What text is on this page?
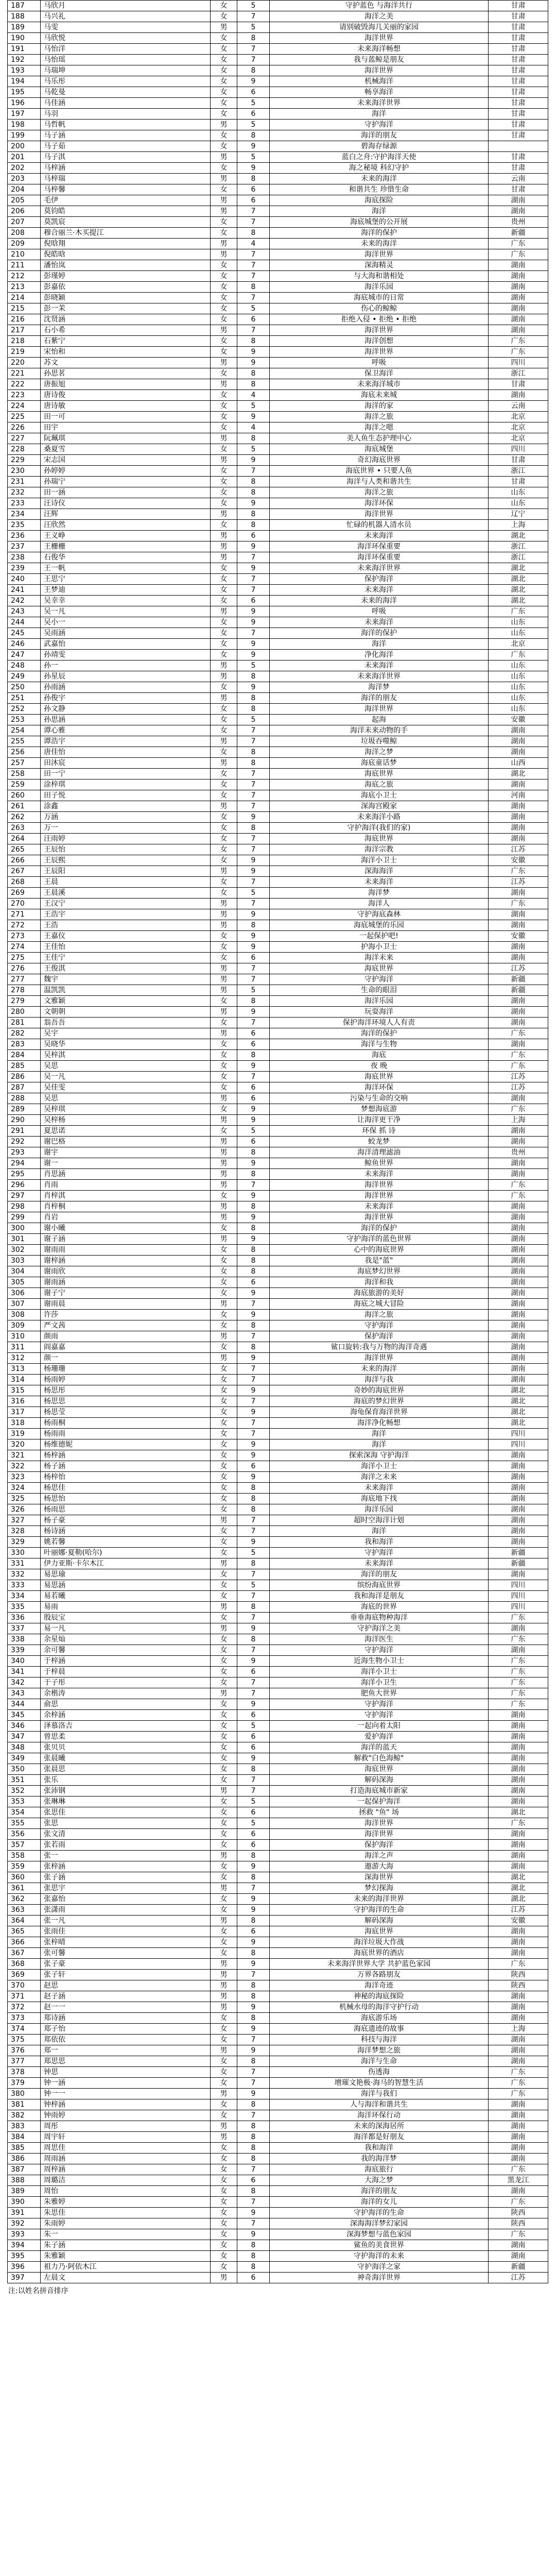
187	马欣月	女	5	守护蓝色 与海洋共行	甘肃
188	马兴礼	女	7	海洋之美	甘肃
189	马雯	男	5	请别破毁海几关丽的家园	甘肃
190	马欣悦	女	8	海洋世界	甘肃
191	马怡洋	女	7	未来海洋畅想	甘肃
192	马怡瑶	女	7	我与蓝鲸是朋友	甘肃
193	马瑞坤	女	8	海洋世界	甘肃
194	马乐彤	女	9	机械海洋	甘肃
195	马乾曼	女	6	畅享海洋	甘肃
196	马佳涵	女	5	未来海洋世界	甘肃
197	马羽	女	6	海洋	甘肃
198	马哲帆	男	5	守护海洋	甘肃
199	马子涵	女	8	海洋的朋友	甘肃
200	马子茹	女	9	碧海存绿源	
201	马子淇	男	5	蓝白之舟:守护海洋天使	甘肃
202	马梓涵	女	9	海之秘境 科幻守护	甘肃
203	马梓瑞	男	8	未来的海洋	云南
204	马梓馨	女	6	和谐共生 珍惜生命	甘肃
205	毛伊	男	6	海底探险	湖南
206	莫钧皓	男	7	海洋	湖南
207	莫凯宸	女	7	海底城堡的公开展	贵州
208	穆合丽兰·木买提江	女	8	海洋的保护	新疆
209	倪晗翔	男	4	未来的海洋	广东
210	倪皓晗	男	7	海洋世界	广东
211	潘怡岚	女	7	深海精灵	湖南
212	彭瑾婷	女	7	与大海和谐相处	湖南
213	彭嘉依	女	8	海洋乐园	湖南
214	彭晓颖	女	7	海底城市的日常	湖南
215	彭一茉	女	5	伤心的鲸鲸	湖南
216	沈贤涵	女	6	拒绝入侵 • 拒绝 • 拒绝	湖南
217	石小希	男	7	海洋世界	湖南
218	石紫宁	女	8	海洋创想	广东
219	宋怡和	女	9	海洋世界	广东
220	苏文	男	9	呼吸	四川
221	孙思茗	女	8	保卫海洋	浙江
222	唐振旭	男	8	未来海洋城市	甘肃
223	唐诗俊	女	4	海底未来城	湖南
224	唐诗敏	女	5	海洋的家	云南
225	田一可	女	9	海洋之旅	北京
226	田宇	女	4	海洋之嗯	北京
227	阮珮琪	男	8	美人鱼生态护理中心	北京
228	桑夏雪	女	5	海底城堡	四川
229	宋志国	男	9	奇幻海底世界	甘肃
230	孙婷婷	女	7	海底世界 • 只要人鱼	浙江
231	孙瑞宁	女	8	海洋与人类和谐共生	甘肃
232	田一涵	女	8	海洋之旅	山东
233	汪诗仪	女	9	海洋环保	山东
234	汪辉	男	8	海洋世界	辽宁
235	汪欣然	女	8	忙碌的机器人清水员	上海
236	王义峥	男	6	未来海洋	湖北
237	王栅栅	男	9	海洋环保重要	浙江
238	石俊华	男	7	海洋环保重要	浙江
239	王一帆	女	9	未来海洋世界	湖北
240	王思宁	女	7	保护海洋	湖北
241	王梦迪	女	7	未来海洋	湖北
242	吴幸幸	女	6	未来的海洋	湖北
243	吴一凡	男	9	呼吸	广东
244	吴小一	女	9	未来海洋	山东
245	吴雨涵	女	7	海洋的保护	山东
246	武嘉怡	女	9	海洋	北京
247	孙靖雯	女	9	净化海洋	广东
248	孙一	男	5	未来海洋	山东
249	孙星辰	男	8	未来海洋世界	山东
250	孙雨涵	女	9	海洋梦	山东
251	孙俊宇	男	8	海洋的朋友	山东
252	孙文静	女	8	海洋世界	山东
253	孙思涵	女	5	起海	安徽
254	谭心雅	女	7	海洋未来动物的手	湖南
255	谭浩宇	男	7	垃圾吞噬鲸	湖南
256	唐佳怡	女	8	海洋之梦	湖南
257	田沐宸	男	8	海底童话梦	山西
258	田一宁	女	7	海底世界	湖北
259	涂梓琪	女	7	海底之旅	湖南
260	田子悦	女	7	海底小卫士	河南
261	涂鑫	男	7	深海宫殿家	湖南
262	万涵	女	9	未来海洋小路	湖南
263	万一	女	8	守护海洋(我们的家)	湖南
264	汪雨婷	女	7	海底世界	湖南
265	王辰怡	女	7	海洋宗教	江苏
266	王辰熙	女	9	海洋小卫士	安徽
267	王辰阳	男	9	深海海洋	广东
268	王晨	女	7	未来海洋	江苏
269	王晨溪	女	5	海洋梦	湖南
270	王汉宁	男	7	海洋人	广东
271	王浩宇	男	9	守护海底森林	湖南
272	王浩	男	8	海底城堡的乐园	湖南
273	王嘉仪	女	9	一起保护吧!	安徽
274	王佳怡	女	9	护海小卫士	湖南
275	王佳宁	女	6	海洋未来	湖南
276	王俊淇	男	7	海底世界	江苏
277	魏宇	男	7	守护海洋	新疆
278	温凯凯	男	5	生命的眼泪	新疆
279	文雅颖	女	8	海洋乐园	湖南
280	文朝朝	男	9	玩耍海洋	湖南
281	翁吾吾	女	7	保护海洋环境人人有责	湖南
282	吴宇	男	6	海洋的保护	广东
283	吴晓华	女	6	海洋与生物	湖南
284	吴梓淇	女	8	海底	广东
285	吴思	女	9	夜 晚	广东
286	吴一凡	女	7	海底世界	江苏
287	吴佳雯	女	6	海洋环保	江苏
288	吴思	男	6	污染与生命的交响	湖南
289	吴梓琪	女	9	梦想海底游	广东
290	吴梓杨	男	9	让海洋更干净	上海
291	夏思诺	女	5	环保 抓 诗	湖南
292	谢巴格	男	6	蛟龙梦	湖南
293	谢宇	男	8	海洋清理滤油	贵州
294	谢一	男	9	鲸鱼世界	湖南
295	肖思涵	男	8	未来海洋	湖南
296	肖雨	男	7	海洋世界	广东
297	肖梓淇	女	9	海洋世界	广东
298	肖梓桐	男	8	未来海洋	湖南
299	肖岩	男	9	海洋世界	湖南
300	谢小曦	女	8	海洋的保护	湖南
301	谢子涵	男	9	守护海洋的蓝色世界	湖南
302	谢雨雨	女	8	心中的海底世界	湖南
303	谢梓涵	女	8	我是"蓝"	湖南
304	谢雨欣	女	8	海底梦幻世界	湖南
305	谢雨涵	女	6	海洋和我	湖南
306	谢子宁	女	9	海底旅游的美好	湖南
307	谢雨晨	男	7	海底之城大冒险	湖南
308	许莎	女	9	海洋之旅	湖南
309	严文茜	女	8	守护海洋	湖南
310	颜雨	男	7	保护海洋	湖南
311	阎嘉嘉	女	8	鲨口旋转:我与万物的海洋奇遇	湖南
312	颜一	男	9	海洋世界	湖南
313	杨珊珊	女	7	未来的海洋	湖南
314	杨雨婷	女	7	海洋与我	湖南
315	杨思彤	女	9	奇妙的海底世界	湖北
316	杨思思	女	7	海底的梦幻世界	湖北
317	杨思莹	女	9	海龟保育海洋世界	湖北
318	杨雨桐	女	7	海洋净化畅想	湖北
319	杨雨雨	女	7	海洋	四川
320	杨维德妮	女	9	海洋	四川
321	杨梓涵	女	9	探索深海 守护海洋	湖南
322	杨子涵	女	6	海洋小卫士	湖南
323	杨梓怡	女	9	海洋之未来	湖南
324	杨思佳	女	8	未来海洋	湖南
325	杨思怡	女	8	海底地下找	湖南
326	杨雨思	女	8	海洋乐园	湖南
327	杨子豪	男	7	超时空海洋计划	湖南
328	杨诗涵	女	7	海洋	湖南
329	姚若馨	女	9	我和海洋	湖南
330	叶丽娜·夏勒(哈尔)	女	5	守护海洋	新疆
331	伊力亚斯·卡尔木江	男	8	未来海洋	新疆
332	易思瑜	女	7	海洋的朋友	湖南
333	易思涵	女	5	缤纷海底世界	四川
334	易若曦	女	7	我和海洋是朋友	四川
335	易雨	男	8	海底的世界	四川
336	殷辰宝	女	7	垂垂海底物种海洋	广东
337	易一凡	男	9	守护海洋之美	湖南
338	余星灿	女	8	海洋医生	广东
339	余可馨	女	7	守护海洋	湖南
340	于梓涵	女	9	近海生物小卫士	广东
341	于梓晨	女	6	海洋小卫士	广东
342	于子彤	女	7	海洋小卫生	广东
343	余楷涛	男	7	肥鱼大世界	广东
344	俞思	女	9	守护海洋	广东
345	余梓涵	女	6	守护海洋	湖南
346	泽慕洛吉	女	5	一起向着太阳	湖南
347	曾思柔	女	6	爱护海洋	湖南
348	张贝贝	女	6	海洋的蓝天	湖南
349	张晨曦	女	9	解救"白色海鲸"	湖南
350	张晨思	女	8	海底世界	湖南
351	张乐	女	7	解码深海	湖南
352	张沛钢	男	7	打造海底城市新家	湖南
353	张琳琳	女	5	一起保护海洋	湖南
354	张思佳	女	6	拯救 "鱼" 场	湖北
355	张思	女	5	海洋世界	广东
356	张文清	女	6	海洋世界	湖南
357	张若雨	女	6	保护海洋	湖南
358	张一	男	8	海洋之声	湖南
359	张梓涵	女	9	遨游大海	湖南
360	张子涵	女	8	深海世界	湖北
361	张思宇	男	7	梦幻探海	湖北
362	张嘉怡	女	9	未来的海洋世界	湖北
363	张潇雨	女	9	守护海洋的生命	江苏
364	张一凡	男	8	解码深海	安徽
365	张雨佳	女	6	海底世界	湖南
366	张梓晴	女	9	海洋垃圾大作战	湖南
367	张可馨	女	8	海底世界的酒店	湖南
368	张子豪	男	9	未来海洋世界大学 共护蓝色家园	广东
369	张子轩	男	7	万界各路朋友	陕西
370	赵思	男	8	海洋奇迹	陕西
371	赵子涵	男	8	神秘的海底探险	湖南
372	赵一一	男	9	机械水母的海洋守护行动	湖南
373	郑诗涵	女	8	海底游乐场	湖南
374	郑子怡	女	9	海底遗迹的故事	上海
375	郑依依	女	7	科技与海洋	湖南
376	郑一	男	9	海洋梦想之旅	湖南
377	郑思思	女	8	海洋与生命	湖南
378	钟思	女	7	伤透海	广东
379	钟一涵	女	7	增璀文艳极·海马的智慧生活	广东
380	钟一一	男	9	海洋与我们	广东
381	钟梓涵	女	8	人与海洋和谐共生	湖南
382	钟雨婷	女	7	海洋环保行动	湖南
383	周彤	男	8	未来的深海居所	湖南
384	周宇轩	男	8	海洋都是好朋友	湖南
385	周思佳	女	8	我和海洋	湖南
386	周雨涵	女	8	我的海洋梦	湖南
387	周梓涵	女	7	海底旅行	广东
388	周璐洁	女	6	大海之梦	黑龙江
389	周怡	女	8	海洋的朋友	湖南
390	朱雅婷	女	7	海洋的女儿	广东
391	朱思佳	女	9	守护海洋的生命	陕西
392	朱雨婷	女	7	深海海洋梦幻家园	陕西
393	朱一	女	9	深海梦想与蓝色家园	广东
394	朱子涵	女	8	鲨鱼的美食世界	湖南
395	朱雅颖	女	8	守护海洋的未来	湖南
396	祖力乃·阿依木江	女	8	守护海洋之家	新疆
397	左晨文	男	6	神奇海洋世界	江苏
注:以姓名拼音排序
